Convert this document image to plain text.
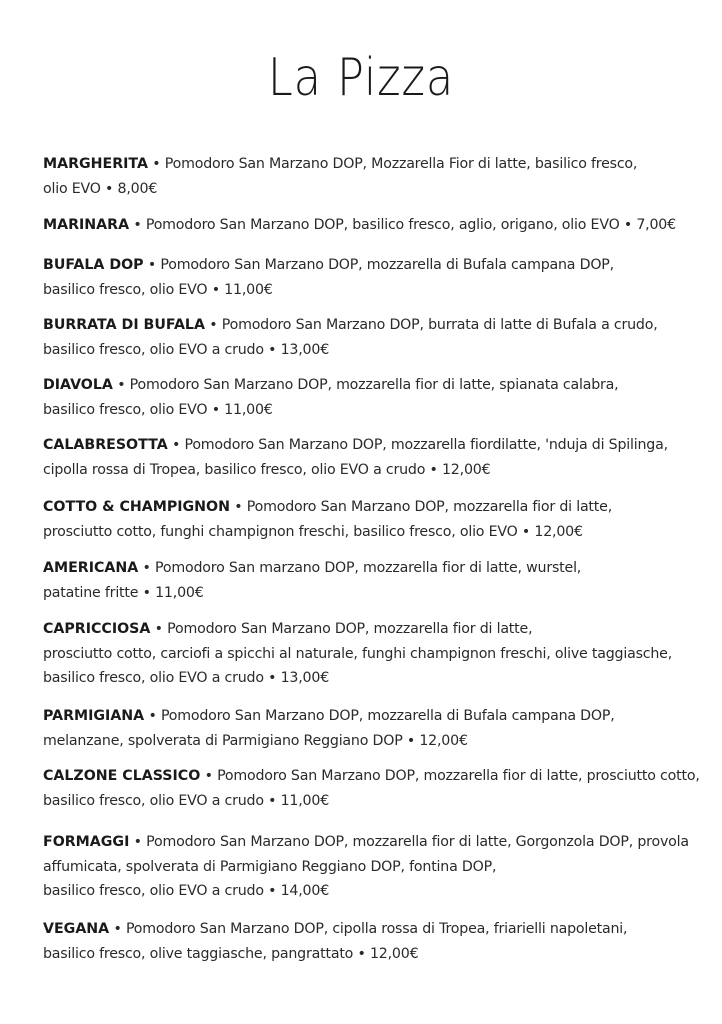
La Pizza
MARGHERITA • Pomodoro San Marzano DOP, Mozzarella Fior di latte, basilico fresco,
olio EVO • 8,00€
MARINARA • Pomodoro San Marzano DOP, basilico fresco, aglio, origano, olio EVO • 7,00€
BUFALA DOP • Pomodoro San Marzano DOP, mozzarella di Bufala campana DOP,
basilico fresco, olio EVO • 11,00€
BURRATA DI BUFALA • Pomodoro San Marzano DOP, burrata di latte di Bufala a crudo,
basilico fresco, olio EVO a crudo • 13,00€
DIAVOLA • Pomodoro San Marzano DOP, mozzarella fior di latte, spianata calabra,
basilico fresco, olio EVO • 11,00€
CALABRESOTTA • Pomodoro San Marzano DOP, mozzarella fiordilatte, 'nduja di Spilinga,
cipolla rossa di Tropea, basilico fresco, olio EVO a crudo • 12,00€
COTTO & CHAMPIGNON • Pomodoro San Marzano DOP, mozzarella fior di latte,
prosciutto cotto, funghi champignon freschi, basilico fresco, olio EVO • 12,00€
AMERICANA • Pomodoro San marzano DOP, mozzarella fior di latte, wurstel,
patatine fritte • 11,00€
CAPRICCIOSA • Pomodoro San Marzano DOP, mozzarella fior di latte,
prosciutto cotto, carciofi a spicchi al naturale, funghi champignon freschi, olive taggiasche,
basilico fresco, olio EVO a crudo • 13,00€
PARMIGIANA • Pomodoro San Marzano DOP, mozzarella di Bufala campana DOP,
melanzane, spolverata di Parmigiano Reggiano DOP • 12,00€
CALZONE CLASSICO • Pomodoro San Marzano DOP, mozzarella fior di latte, prosciutto cotto,
basilico fresco, olio EVO a crudo • 11,00€
FORMAGGI • Pomodoro San Marzano DOP, mozzarella fior di latte, Gorgonzola DOP, provola
affumicata, spolverata di Parmigiano Reggiano DOP, fontina DOP,
basilico fresco, olio EVO a crudo • 14,00€
VEGANA • Pomodoro San Marzano DOP, cipolla rossa di Tropea, friarielli napoletani,
basilico fresco, olive taggiasche, pangrattato • 12,00€
